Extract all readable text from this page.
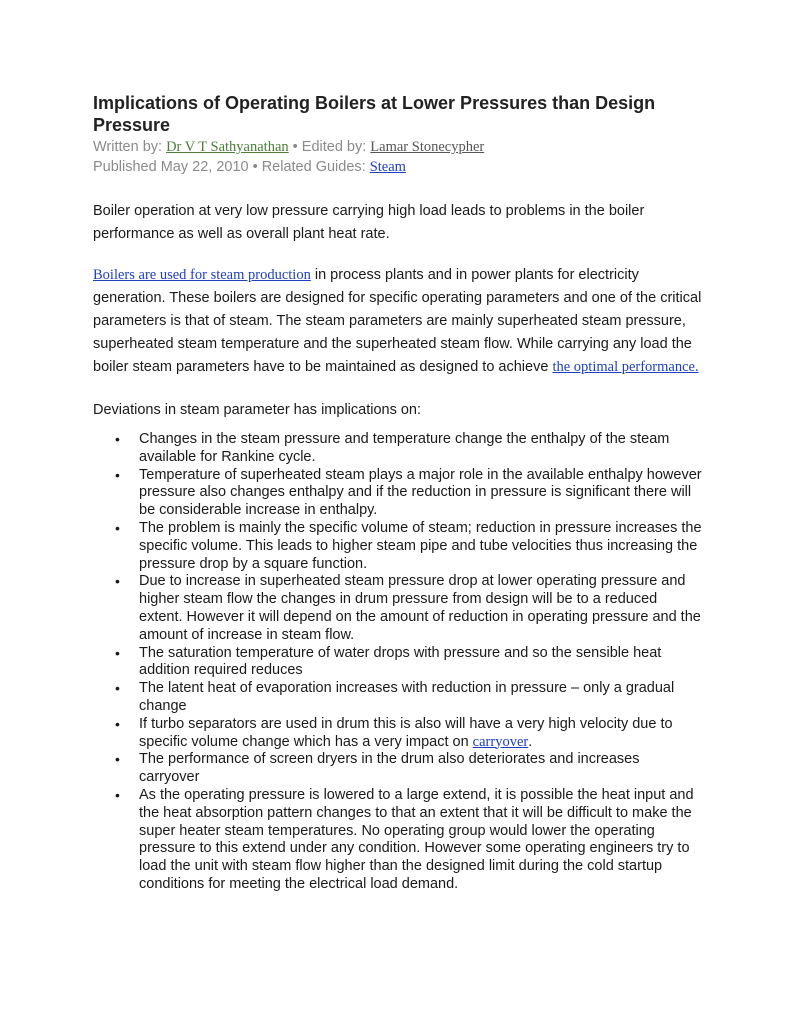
Implications of Operating Boilers at Lower Pressures than Design Pressure
Written by: Dr V T Sathyanathan • Edited by: Lamar Stonecypher
Published May 22, 2010 • Related Guides: Steam

Boiler operation at very low pressure carrying high load leads to problems in the boiler performance as well as overall plant heat rate.

Boilers are used for steam production in process plants and in power plants for electricity generation. These boilers are designed for specific operating parameters and one of the critical parameters is that of steam. The steam parameters are mainly superheated steam pressure, superheated steam temperature and the superheated steam flow. While carrying any load the boiler steam parameters have to be maintained as designed to achieve the optimal performance.

Deviations in steam parameter has implications on:

• Changes in the steam pressure and temperature change the enthalpy of the steam available for Rankine cycle.
• Temperature of superheated steam plays a major role in the available enthalpy however pressure also changes enthalpy and if the reduction in pressure is significant there will be considerable increase in enthalpy.
• The problem is mainly the specific volume of steam; reduction in pressure increases the specific volume. This leads to higher steam pipe and tube velocities thus increasing the pressure drop by a square function.
• Due to increase in superheated steam pressure drop at lower operating pressure and higher steam flow the changes in drum pressure from design will be to a reduced extent. However it will depend on the amount of reduction in operating pressure and the amount of increase in steam flow.
• The saturation temperature of water drops with pressure and so the sensible heat addition required reduces
• The latent heat of evaporation increases with reduction in pressure – only a gradual change
• If turbo separators are used in drum this is also will have a very high velocity due to specific volume change which has a very impact on carryover.
• The performance of screen dryers in the drum also deteriorates and increases carryover
• As the operating pressure is lowered to a large extend, it is possible the heat input and the heat absorption pattern changes to that an extent that it will be difficult to make the super heater steam temperatures. No operating group would lower the operating pressure to this extend under any condition. However some operating engineers try to load the unit with steam flow higher than the designed limit during the cold startup conditions for meeting the electrical load demand.
